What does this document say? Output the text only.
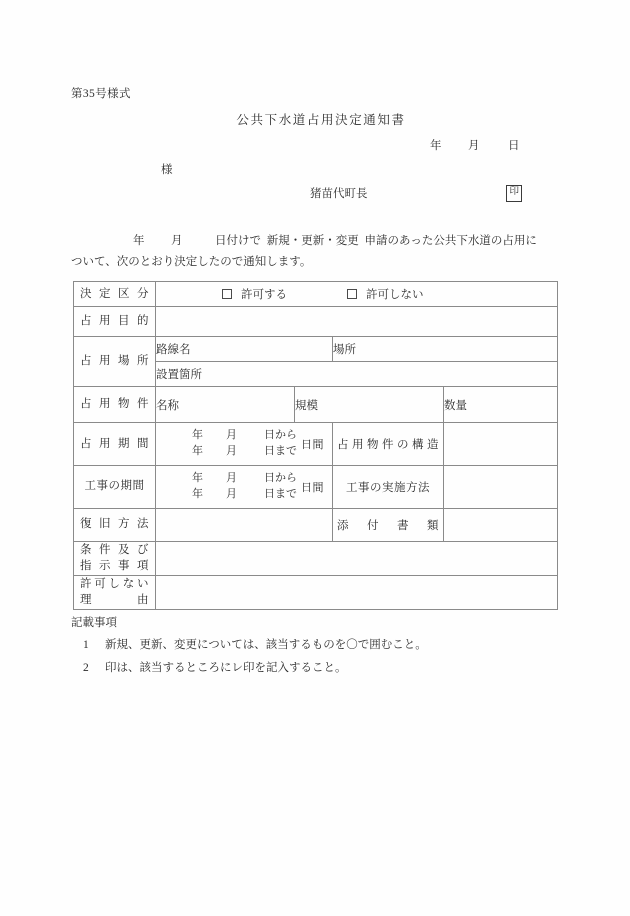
第35号様式
公共下水道占用決定通知書
年 月 日
様
猪苗代町長	印
年 月	日付けで 新規・更新・変更 申請のあった公共下水道の占用に
ついて、次のとおり決定したので通知します。
決定区分	許可する 許可しない			

占用目的				

占用場所	路線名		場所	
	設置箇所			

占用物件	名称	規模		数量

占用期間	年 月 日から
年 月 日まで 日間		占用物件の構造	

工事の期間	年 月 日から
年 月 日まで 日間		工事の実施方法	

復旧方法			添付書類	

条件及び
指示事項				

許可しない
理　　　由				

記載事項
1 新規、更新、変更については、該当するものを〇で囲むこと。
2 印は、該当するところにレ印を記入すること。
